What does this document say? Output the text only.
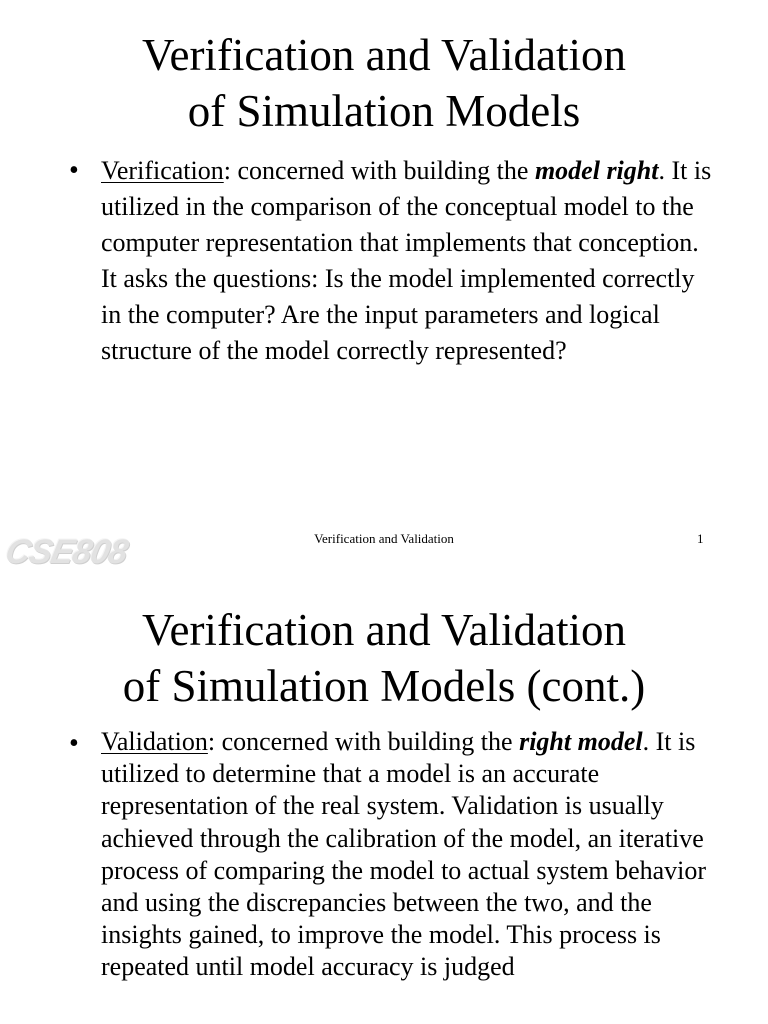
Verification and Validation
of Simulation Models
• Verification: concerned with building the model right. It is utilized in the comparison of the conceptual model to the computer representation that implements that conception.
It asks the questions: Is the model implemented correctly in the computer? Are the input parameters and logical structure of the model correctly represented?
CSE808	Verification and Validation	1
Verification and Validation
of Simulation Models (cont.)
• Validation: concerned with building the right model. It is utilized to determine that a model is an accurate representation of the real system. Validation is usually achieved through the calibration of the model, an iterative process of comparing the model to actual system behavior and using the discrepancies between the two, and the insights gained, to improve the model. This process is repeated until model accuracy is judged
